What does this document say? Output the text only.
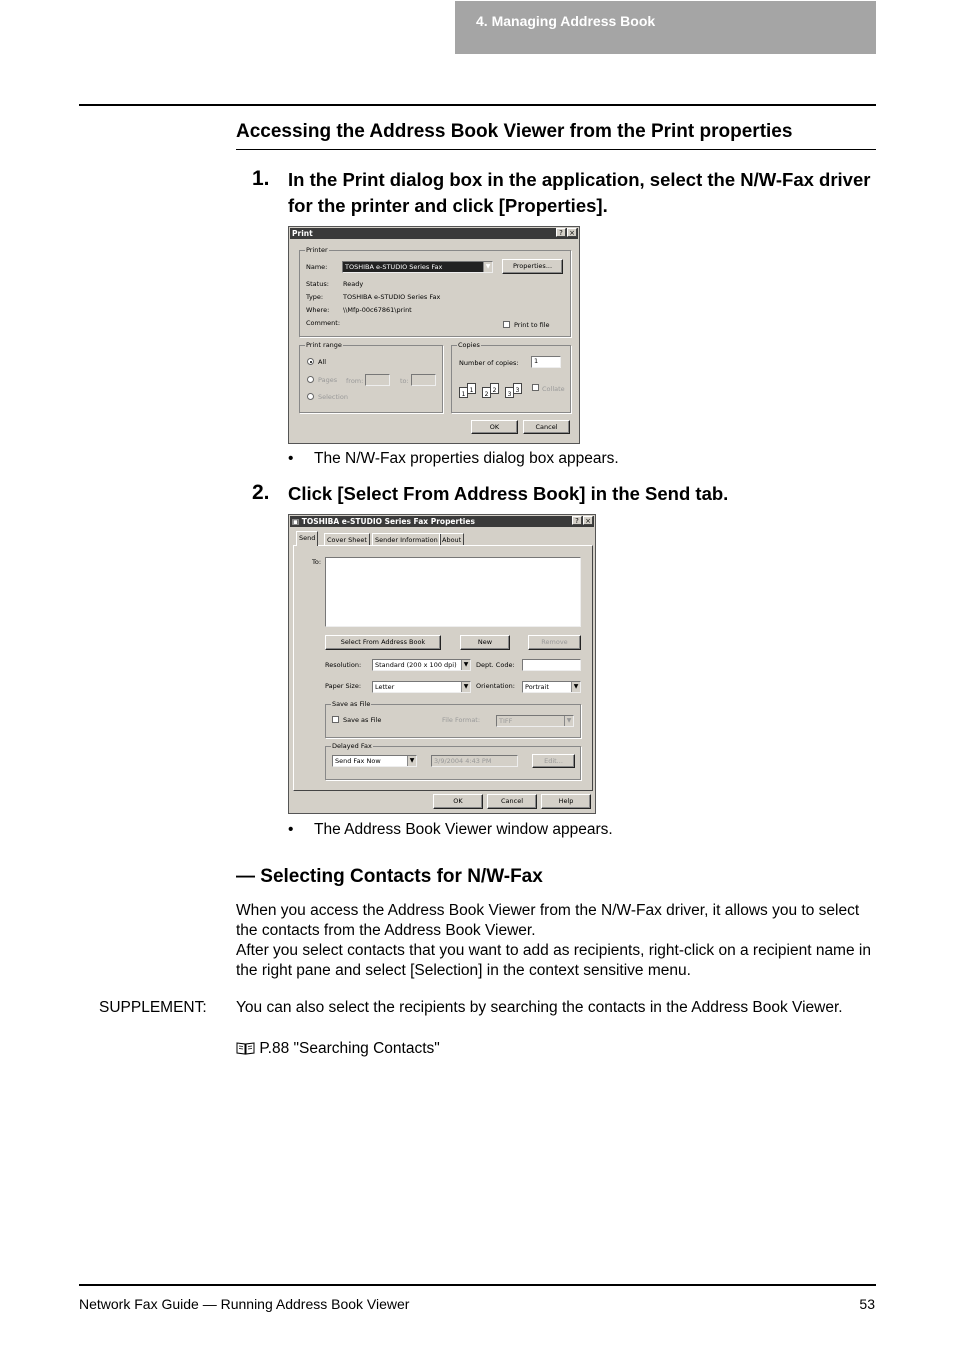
4. Managing Address Book
Accessing the Address Book Viewer from the Print properties
1. In the Print dialog box in the application, select the N/W-Fax driver for the printer and click [Properties].
Print	? ×
Printer
Name:	TOSHIBA e-STUDIO Series Fax	▼	Properties...
Status: Ready
Type:	TOSHIBA e-STUDIO Series Fax
Where: \\Mfp-00c67861\print
Comment:	Print to file
Print range
All
Pages from:	to:
Selection
Copies
Number of copies:	1
1
1
2
2
3
3	Collate
OK	Cancel
• The N/W-Fax properties dialog box appears.
2. Click [Select From Address Book] in the Send tab.
▣ TOSHIBA e-STUDIO Series Fax Properties	? ×
Send	Cover Sheet	Sender Information About
To:
Select From Address Book	New	Remove
Resolution:	Standard (200 x 100 dpi)	▼ Dept. Code:
Paper Size:	Letter	▼ Orientation:	Portrait	▼
Save as File
Save as File	File Format:	TIFF	▼
Delayed Fax
Send Fax Now	▼	3/9/2004 4:43 PM	Edit...
OK	Cancel	Help
• The Address Book Viewer window appears.
— Selecting Contacts for N/W-Fax
When you access the Address Book Viewer from the N/W-Fax driver, it allows you to select the contacts from the Address Book Viewer.
After you select contacts that you want to add as recipients, right-click on a recipient name in the right pane and select [Selection] in the context sensitive menu.
SUPPLEMENT: You can also select the recipients by searching the contacts in the Address Book Viewer.
P.88 "Searching Contacts"
Network Fax Guide — Running Address Book Viewer	53
